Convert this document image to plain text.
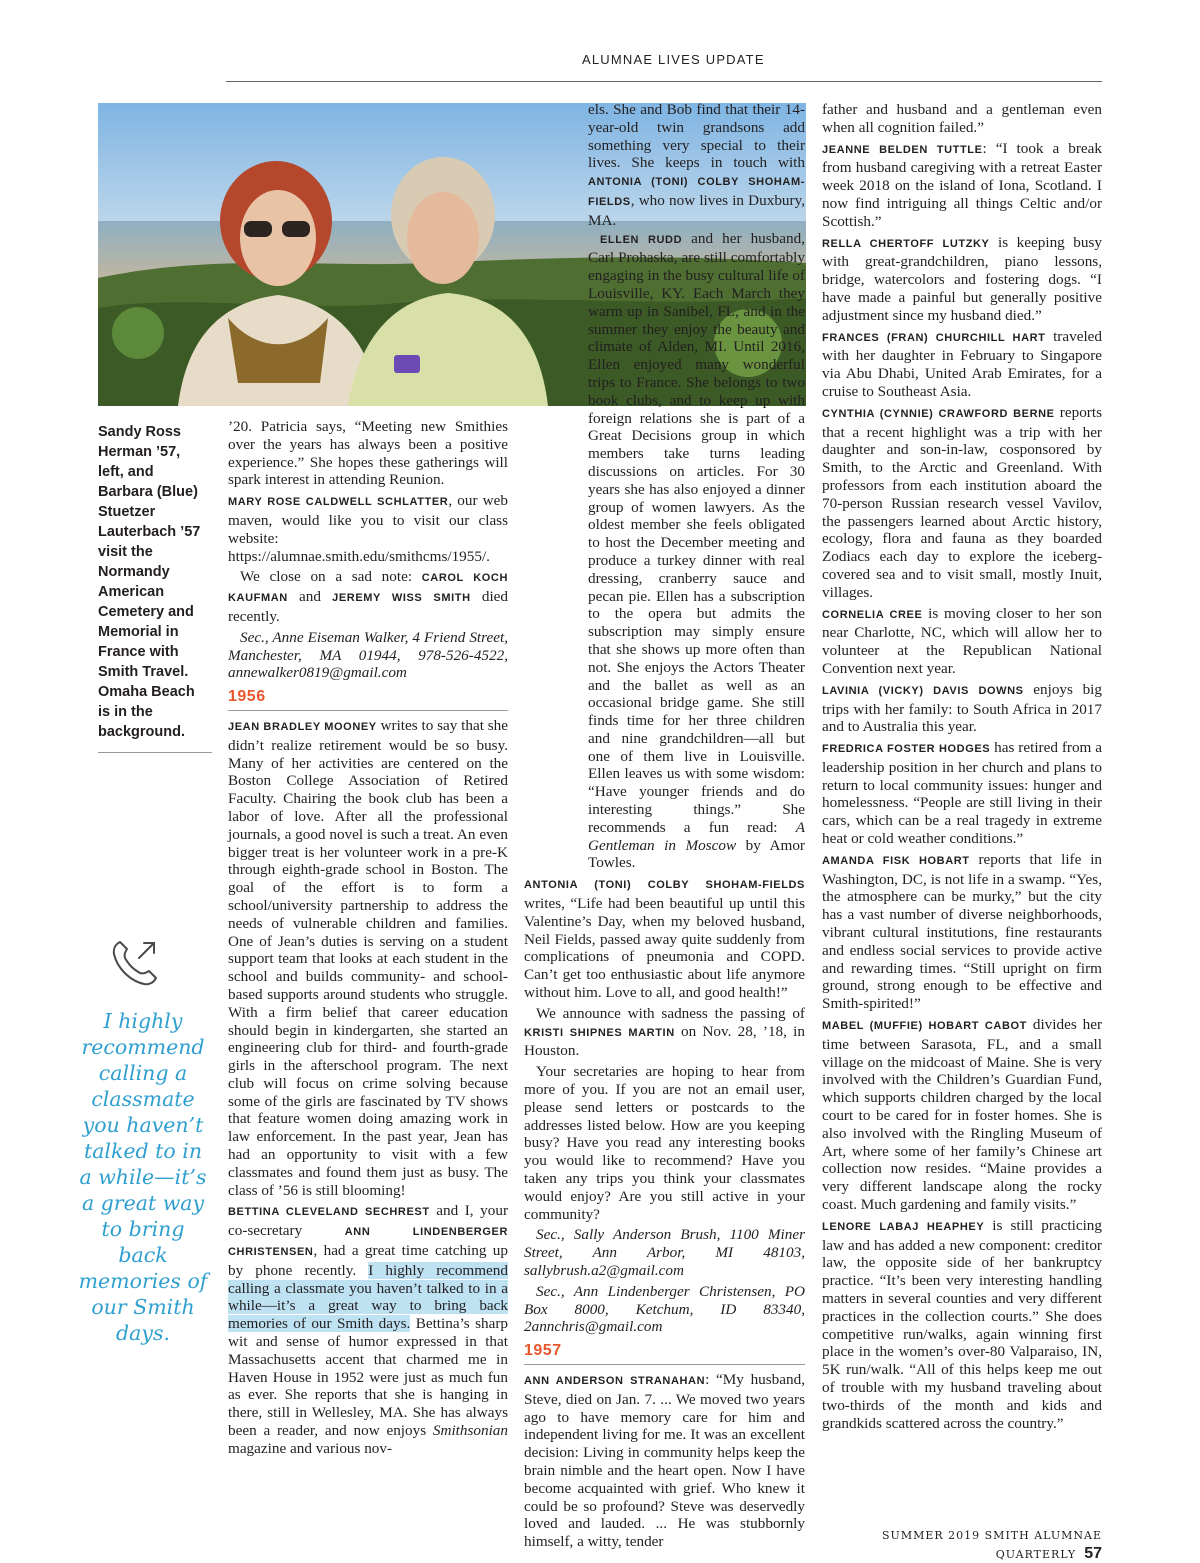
ALUMNAE LIVES UPDATE
Sandy Ross Herman ’57, left, and Barbara (Blue) Stuetzer Lauterbach ’57 visit the Normandy American Cemetery and Memorial in France with Smith Travel. Omaha Beach is in the background.
I highly recommend calling a classmate you haven’t talked to in a while—it’s a great way to bring back memories of our Smith days.

’20. Patricia says, “Meeting new Smithies over the years has always been a positive experience.” She hopes these gatherings will spark interest in attending Reunion.

MARY ROSE CALDWELL SCHLATTER, our web maven, would like you to visit our class website: https://alumnae.smith.edu/smithcms/1955/.

We close on a sad note: CAROL KOCH KAUFMAN and JEREMY WISS SMITH died recently.

Sec., Anne Eiseman Walker, 4 Friend Street, Manchester, MA 01944, 978-526-4522, annewalker0819@gmail.com

1956

JEAN BRADLEY MOONEY writes to say that she didn’t realize retirement would be so busy. Many of her activities are centered on the Boston College Association of Retired Faculty. Chairing the book club has been a labor of love. After all the professional journals, a good novel is such a treat. An even bigger treat is her volunteer work in a pre-K through eighth-grade school in Boston. The goal of the effort is to form a school/university partnership to address the needs of vulnerable children and families. One of Jean’s duties is serving on a student support team that looks at each student in the school and builds community- and school-based supports around students who struggle. With a firm belief that career education should begin in kindergarten, she started an engineering club for third- and fourth-grade girls in the afterschool program. The next club will focus on crime solving because some of the girls are fascinated by TV shows that feature women doing amazing work in law enforcement. In the past year, Jean has had an opportunity to visit with a few classmates and found them just as busy. The class of ’56 is still blooming!

BETTINA CLEVELAND SECHREST and I, your co-secretary ANN LINDENBERGER CHRISTENSEN, had a great time catching up by phone recently. I highly recommend calling a classmate you haven’t talked to in a while—it’s a great way to bring back memories of our Smith days. Bettina’s sharp wit and sense of humor expressed in that Massachusetts accent that charmed me in Haven House in 1952 were just as much fun as ever. She reports that she is hanging in there, still in Wellesley, MA. She has always been a reader, and now enjoys Smithsonian magazine and various nov-

els. She and Bob find that their 14-year-old twin grandsons add something very special to their lives. She keeps in touch with ANTONIA (TONI) COLBY SHOHAM-FIELDS, who now lives in Duxbury, MA.

ELLEN RUDD and her husband, Carl Prohaska, are still comfortably engaging in the busy cultural life of Louisville, KY. Each March they warm up in Sanibel, FL, and in the summer they enjoy the beauty and climate of Alden, MI. Until 2016, Ellen enjoyed many wonderful trips to France. She belongs to two book clubs, and to keep up with foreign relations she is part of a Great Decisions group in which members take turns leading discussions on articles. For 30 years she has also enjoyed a dinner group of women lawyers. As the oldest member she feels obligated to host the December meeting and produce a turkey dinner with real dressing, cranberry sauce and pecan pie. Ellen has a subscription to the opera but admits the subscription may simply ensure that she shows up more often than not. She enjoys the Actors Theater and the ballet as well as an occasional bridge game. She still finds time for her three children and nine grandchildren—all but one of them live in Louisville. Ellen leaves us with some wisdom: “Have younger friends and do interesting things.” She recommends a fun read: A Gentleman in Moscow by Amor Towles.

ANTONIA (TONI) COLBY SHOHAM-FIELDS writes, “Life had been beautiful up until this Valentine’s Day, when my beloved husband, Neil Fields, passed away quite suddenly from complications of pneumonia and COPD. Can’t get too enthusiastic about life anymore without him. Love to all, and good health!”

We announce with sadness the passing of KRISTI SHIPNES MARTIN on Nov. 28, ’18, in Houston.

Your secretaries are hoping to hear from more of you. If you are not an email user, please send letters or postcards to the addresses listed below. How are you keeping busy? Have you read any interesting books you would like to recommend? Have you taken any trips you think your classmates would enjoy? Are you still active in your community?

Sec., Sally Anderson Brush, 1100 Miner Street, Ann Arbor, MI 48103, sallybrush.a2@gmail.com

Sec., Ann Lindenberger Christensen, PO Box 8000, Ketchum, ID 83340, 2annchris@gmail.com

1957

ANN ANDERSON STRANAHAN: “My husband, Steve, died on Jan. 7. ... We moved two years ago to have memory care for him and independent living for me. It was an excellent decision: Living in community helps keep the brain nimble and the heart open. Now I have become acquainted with grief. Who knew it could be so profound? Steve was deservedly loved and lauded. ... He was stubbornly himself, a witty, tender

father and husband and a gentleman even when all cognition failed.”

JEANNE BELDEN TUTTLE: “I took a break from husband caregiving with a retreat Easter week 2018 on the island of Iona, Scotland. I now find intriguing all things Celtic and/or Scottish.”

RELLA CHERTOFF LUTZKY is keeping busy with great-grandchildren, piano lessons, bridge, watercolors and fostering dogs. “I have made a painful but generally positive adjustment since my husband died.”

FRANCES (FRAN) CHURCHILL HART traveled with her daughter in February to Singapore via Abu Dhabi, United Arab Emirates, for a cruise to Southeast Asia.

CYNTHIA (CYNNIE) CRAWFORD BERNE reports that a recent highlight was a trip with her daughter and son-in-law, cosponsored by Smith, to the Arctic and Greenland. With professors from each institution aboard the 70-person Russian research vessel Vavilov, the passengers learned about Arctic history, ecology, flora and fauna as they boarded Zodiacs each day to explore the iceberg-covered sea and to visit small, mostly Inuit, villages.

CORNELIA CREE is moving closer to her son near Charlotte, NC, which will allow her to volunteer at the Republican National Convention next year.

LAVINIA (VICKY) DAVIS DOWNS enjoys big trips with her family: to South Africa in 2017 and to Australia this year.

FREDRICA FOSTER HODGES has retired from a leadership position in her church and plans to return to local community issues: hunger and homelessness. “People are still living in their cars, which can be a real tragedy in extreme heat or cold weather conditions.”

AMANDA FISK HOBART reports that life in Washington, DC, is not life in a swamp. “Yes, the atmosphere can be murky,” but the city has a vast number of diverse neighborhoods, vibrant cultural institutions, fine restaurants and endless social services to provide active and rewarding times. “Still upright on firm ground, strong enough to be effective and Smith-spirited!”

MABEL (MUFFIE) HOBART CABOT divides her time between Sarasota, FL, and a small village on the midcoast of Maine. She is very involved with the Children’s Guardian Fund, which supports children charged by the local court to be cared for in foster homes. She is also involved with the Ringling Museum of Art, where some of her family’s Chinese art collection now resides. “Maine provides a very different landscape along the rocky coast. Much gardening and family visits.”

LENORE LABAJ HEAPHEY is still practicing law and has added a new component: creditor law, the opposite side of her bankruptcy practice. “It’s been very interesting handling matters in several counties and very different practices in the collection courts.” She does competitive run/walks, again winning first place in the women’s over-80 Valparaiso, IN, 5K run/walk. “All of this helps keep me out of trouble with my husband traveling about two-thirds of the month and kids and grandkids scattered across the country.”

SUMMER 2019 SMITH ALUMNAE QUARTERLY 57
